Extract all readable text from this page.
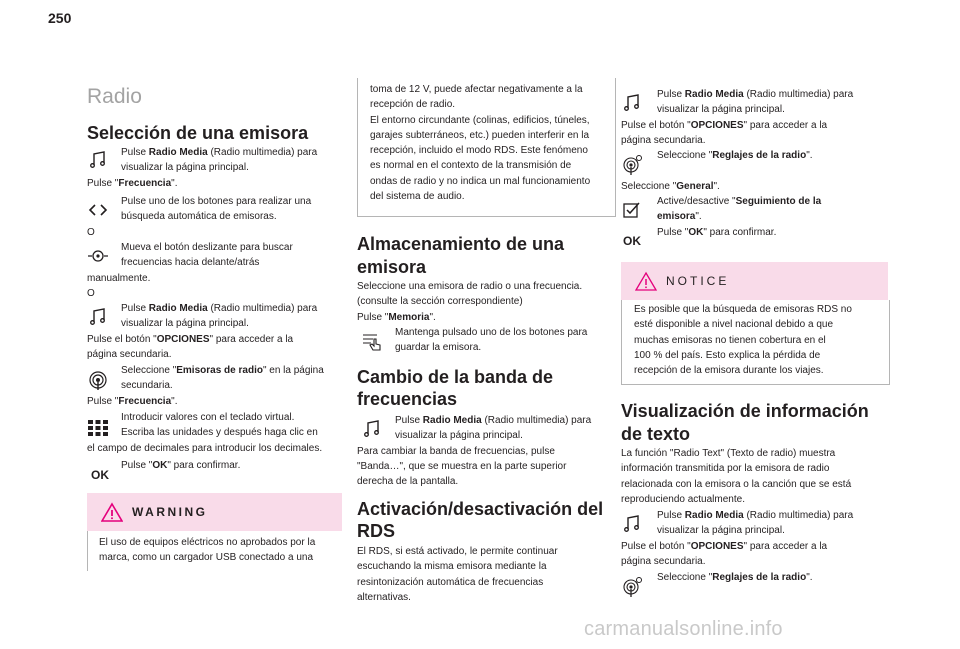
250
Radio
Selección de una emisora
Pulse Radio Media (Radio multimedia) para
visualizar la página principal.
Pulse "Frecuencia".
Pulse uno de los botones para realizar una
búsqueda automática de emisoras.
O
Mueva el botón deslizante para buscar
frecuencias hacia delante/atrás
manualmente.
O
Pulse Radio Media (Radio multimedia) para
visualizar la página principal.
Pulse el botón "OPCIONES" para acceder a la
página secundaria.
Seleccione "Emisoras de radio" en la página
secundaria.
Pulse "Frecuencia".
Introducir valores con el teclado virtual.
Escriba las unidades y después haga clic en
el campo de decimales para introducir los decimales.
OK
Pulse "OK" para confirmar.
WARNING
El uso de equipos eléctricos no aprobados por la
marca, como un cargador USB conectado a una
toma de 12 V, puede afectar negativamente a la
recepción de radio.
El entorno circundante (colinas, edificios, túneles,
garajes subterráneos, etc.) pueden interferir en la
recepción, incluido el modo RDS. Este fenómeno
es normal en el contexto de la transmisión de
ondas de radio y no indica un mal funcionamiento
del sistema de audio.
Almacenamiento de una
emisora
Seleccione una emisora de radio o una frecuencia.
(consulte la sección correspondiente)
Pulse "Memoria".
Mantenga pulsado uno de los botones para
guardar la emisora.
Cambio de la banda de
frecuencias
Pulse Radio Media (Radio multimedia) para
visualizar la página principal.
Para cambiar la banda de frecuencias, pulse
"Banda…", que se muestra en la parte superior
derecha de la pantalla.
Activación/desactivación del
RDS
El RDS, si está activado, le permite continuar
escuchando la misma emisora mediante la
resintonización automática de frecuencias
alternativas.
Pulse Radio Media (Radio multimedia) para
visualizar la página principal.
Pulse el botón "OPCIONES" para acceder a la
página secundaria.
Seleccione "Reglajes de la radio".
Seleccione "General".
Active/desactive "Seguimiento de la
emisora".
OK
Pulse "OK" para confirmar.
NOTICE
Es posible que la búsqueda de emisoras RDS no
esté disponible a nivel nacional debido a que
muchas emisoras no tienen cobertura en el
100 % del país. Esto explica la pérdida de
recepción de la emisora durante los viajes.
Visualización de información
de texto
La función "Radio Text" (Texto de radio) muestra
información transmitida por la emisora de radio
relacionada con la emisora o la canción que se está
reproduciendo actualmente.
Pulse Radio Media (Radio multimedia) para
visualizar la página principal.
Pulse el botón "OPCIONES" para acceder a la
página secundaria.
Seleccione "Reglajes de la radio".
carmanualsonline.info
